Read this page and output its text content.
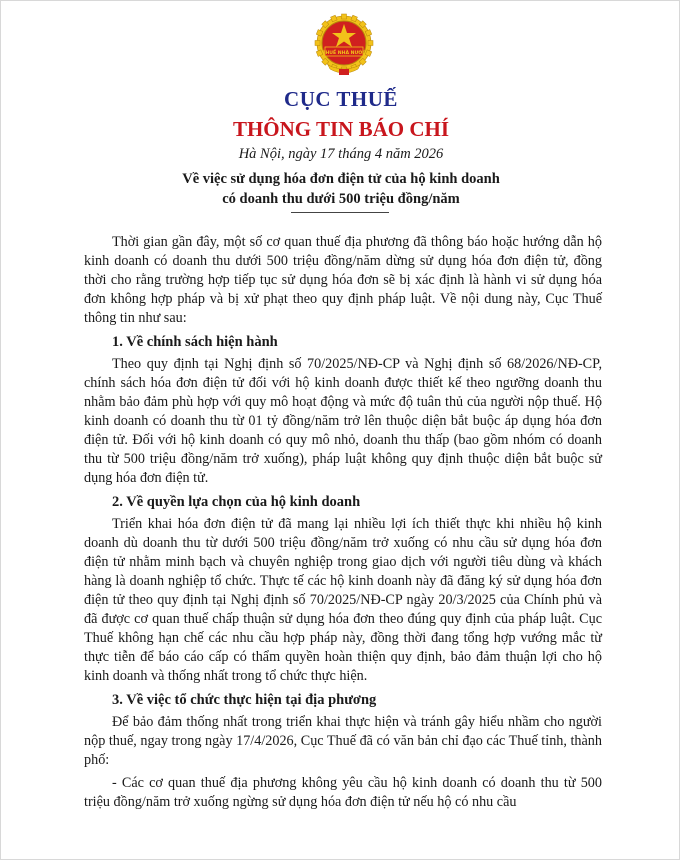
THUẾ NHÀ NƯỚC
CỤC THUẾ
THÔNG TIN BÁO CHÍ
Hà Nội, ngày 17 tháng 4 năm 2026
Về việc sử dụng hóa đơn điện tử của hộ kinh doanh
có doanh thu dưới 500 triệu đồng/năm

Thời gian gần đây, một số cơ quan thuế địa phương đã thông báo hoặc hướng dẫn hộ kinh doanh có doanh thu dưới 500 triệu đồng/năm dừng sử dụng hóa đơn điện tử, đồng thời cho rằng trường hợp tiếp tục sử dụng hóa đơn sẽ bị xác định là hành vi sử dụng hóa đơn không hợp pháp và bị xử phạt theo quy định pháp luật. Về nội dung này, Cục Thuế thông tin như sau:

1. Về chính sách hiện hành

Theo quy định tại Nghị định số 70/2025/NĐ-CP và Nghị định số 68/2026/NĐ-CP, chính sách hóa đơn điện tử đối với hộ kinh doanh được thiết kế theo ngưỡng doanh thu nhằm bảo đảm phù hợp với quy mô hoạt động và mức độ tuân thủ của người nộp thuế. Hộ kinh doanh có doanh thu từ 01 tỷ đồng/năm trở lên thuộc diện bắt buộc áp dụng hóa đơn điện tử. Đối với hộ kinh doanh có quy mô nhỏ, doanh thu thấp (bao gồm nhóm có doanh thu từ 500 triệu đồng/năm trở xuống), pháp luật không quy định thuộc diện bắt buộc sử dụng hóa đơn điện tử.

2. Về quyền lựa chọn của hộ kinh doanh

Triển khai hóa đơn điện tử đã mang lại nhiều lợi ích thiết thực khi nhiều hộ kinh doanh dù doanh thu từ dưới 500 triệu đồng/năm trở xuống có nhu cầu sử dụng hóa đơn điện tử nhằm minh bạch và chuyên nghiệp trong giao dịch với người tiêu dùng và khách hàng là doanh nghiệp tổ chức. Thực tế các hộ kinh doanh này đã đăng ký sử dụng hóa đơn điện tử theo quy định tại Nghị định số 70/2025/NĐ-CP ngày 20/3/2025 của Chính phủ và đã được cơ quan thuế chấp thuận sử dụng hóa đơn theo đúng quy định của pháp luật. Cục Thuế không hạn chế các nhu cầu hợp pháp này, đồng thời đang tổng hợp vướng mắc từ thực tiễn để báo cáo cấp có thẩm quyền hoàn thiện quy định, bảo đảm thuận lợi cho hộ kinh doanh và thống nhất trong tổ chức thực hiện.

3. Về việc tổ chức thực hiện tại địa phương

Để bảo đảm thống nhất trong triển khai thực hiện và tránh gây hiểu nhầm cho người nộp thuế, ngay trong ngày 17/4/2026, Cục Thuế đã có văn bản chỉ đạo các Thuế tỉnh, thành phố:

- Các cơ quan thuế địa phương không yêu cầu hộ kinh doanh có doanh thu từ 500 triệu đồng/năm trở xuống ngừng sử dụng hóa đơn điện tử nếu hộ có nhu cầu
